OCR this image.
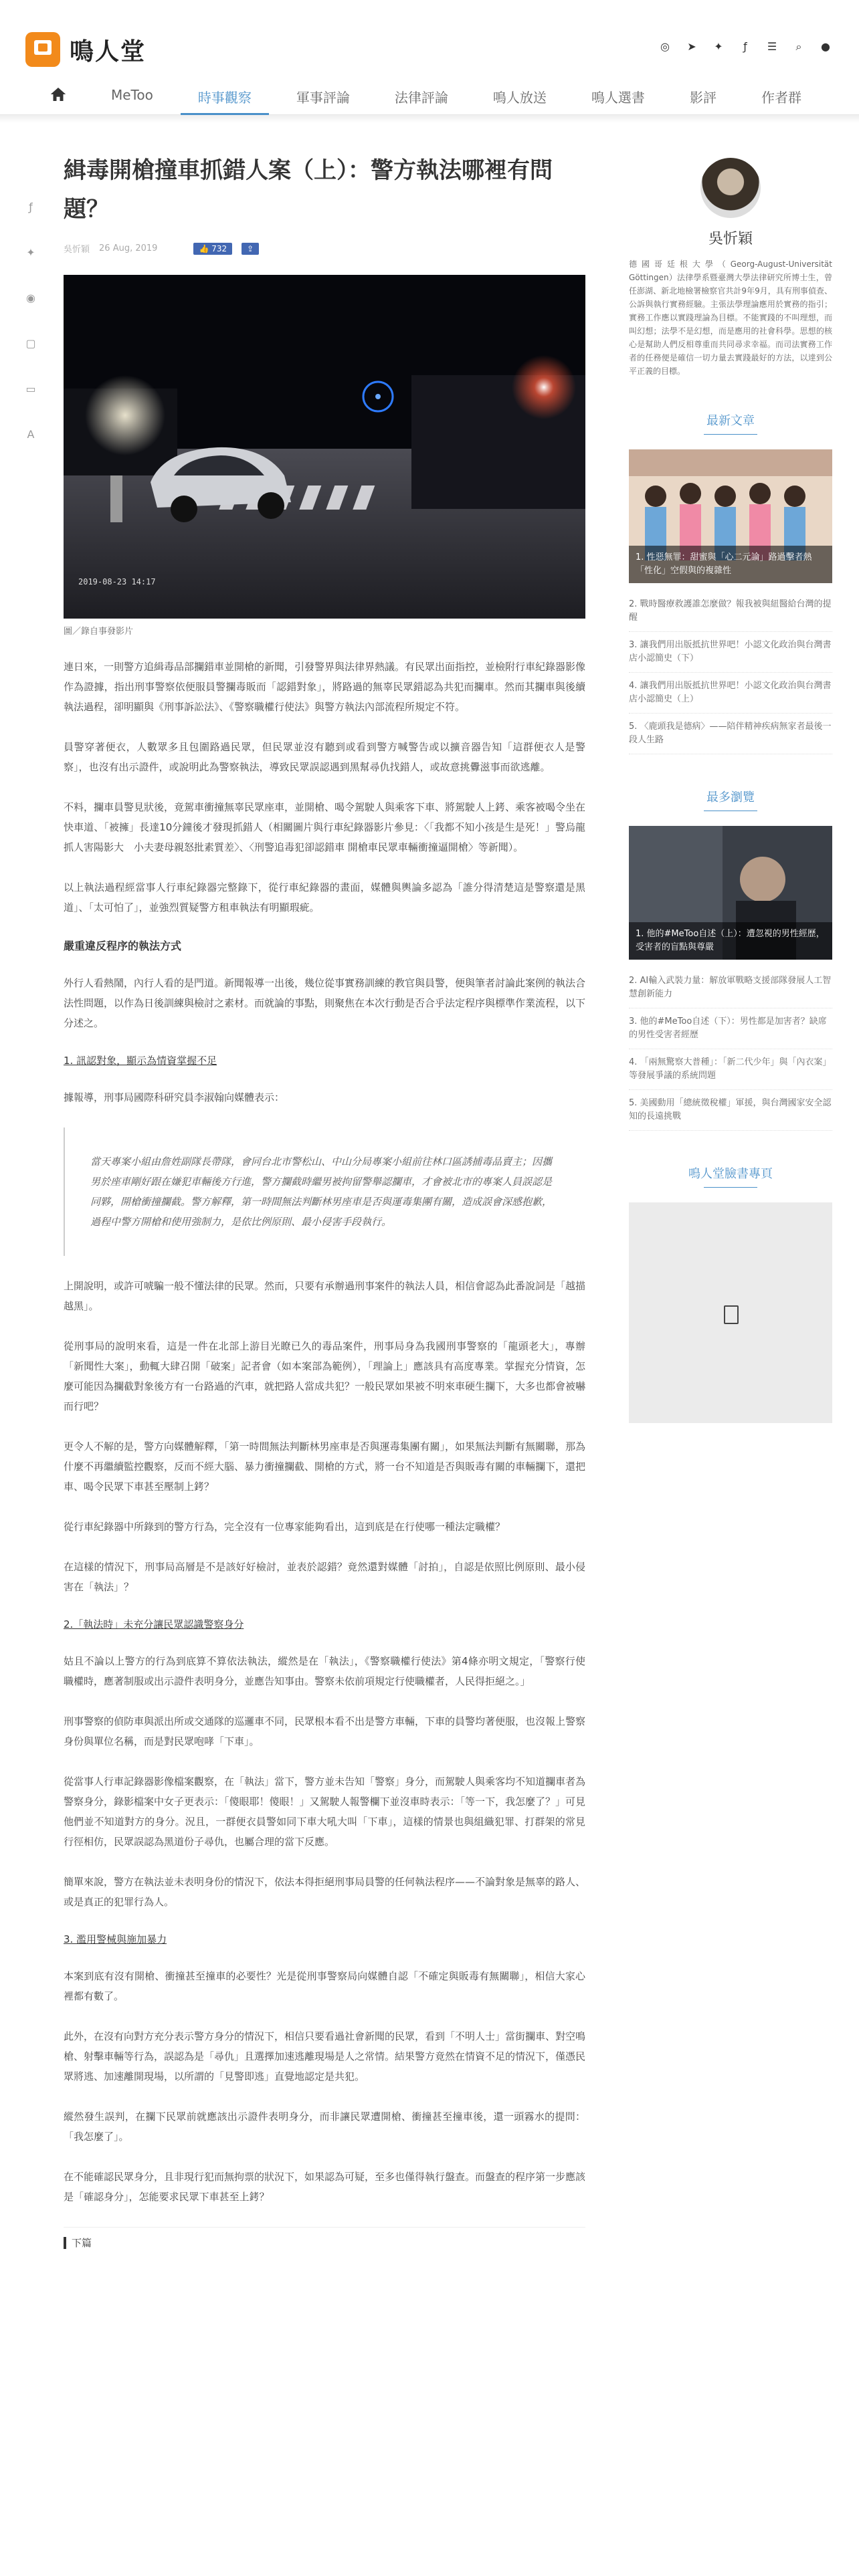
鳴人堂	◎ ➤ ✦	ƒ	☰	⌕	●
MeToo	時事觀察	軍事評論	法律評論	鳴人放送	鳴人選書	影評	作者群
ƒ
✦
◉
▢
▭
A
緝毒開槍撞車抓錯人案（上）：警方執法哪裡有問題？
吳忻穎 26 Aug, 2019	👍 732	⇪
2019-08-23 14:17
圖／錄自事發影片

連日來，一則警方追緝毒品部攔錯車並開槍的新聞，引發警界與法律界熱議。有民眾出面指控，並檢附行車紀錄器影像作為證據，指出刑事警察依便服員警攔毒販而「認錯對象」，將路過的無辜民眾錯認為共犯而攔車。然而其攔車與後續執法過程，卻明顯與《刑事訴訟法》、《警察職權行使法》與警方執法內部流程所規定不符。

員警穿著便衣，人數眾多且包圍路過民眾，但民眾並沒有聽到或看到警方喊警告或以擴音器告知「這群便衣人是警察」，也沒有出示證件，或說明此為警察執法，導致民眾誤認遇到黑幫尋仇找錯人，或故意挑釁滋事而欲逃離。

不料，攔車員警見狀後，竟駕車衝撞無辜民眾座車，並開槍、喝令駕駛人與乘客下車、將駕駛人上銬、乘客被喝令坐在快車道、「被擁」長達10分鐘後才發現抓錯人（相關圖片與行車紀錄器影片參見：〈「我都不知小孩是生是死！」警烏龍抓人害陽影大　小夫妻母親怒批素質差〉、〈刑警追毒犯卻認錯車 開槍車民眾車輛衝撞逼開槍〉等新聞）。

以上執法過程經當事人行車紀錄器完整錄下，從行車紀錄器的畫面，媒體與輿論多認為「誰分得清楚這是警察還是黑道」、「太可怕了」，並強烈質疑警方租車執法有明顯瑕疵。

嚴重違反程序的執法方式

外行人看熱鬧，內行人看的是門道。新聞報導一出後，幾位從事實務訓練的教官與員警，便與筆者討論此案例的執法合法性問題，以作為日後訓練與檢討之素材。而就論的事點，則聚焦在本次行動是否合乎法定程序與標準作業流程，以下分述之。

1. 訊認對象，顯示為情資掌握不足

據報導，刑事局國際科研究員李淑翰向媒體表示：

當天專案小組由詹姓副隊長帶隊，會同台北市警松山、中山分局專案小組前往林口區誘捕毒品賣主；因攜男於座車剛好跟在嫌犯車輛後方行進，警方攔截時繼男被拘留警舉認攔車，才會被北市的專案人員誤認是同夥，開槍衝撞攔截。警方解釋，第一時間無法判斷林男座車是否與運毒集團有關，造成誤會深感抱歉，過程中警方開槍和使用強制力，是依比例原則、最小侵害手段執行。

上開說明，或許可唬騙一般不懂法律的民眾。然而，只要有承辦過刑事案件的執法人員，相信會認為此番說詞是「越描越黑」。

從刑事局的說明來看，這是一件在北部上游目光瞭已久的毒品案件，刑事局身為我國刑事警察的「龍頭老大」，專辦「新聞性大案」，動輒大肆召開「破案」記者會（如本案部為範例），「理論上」應該具有高度專業。掌握充分情資，怎麼可能因為攔截對象後方有一台路過的汽車，就把路人當成共犯？一般民眾如果被不明來車硬生攔下，大多也都會被嚇而行吧？

更令人不解的是，警方向媒體解釋，「第一時間無法判斷林男座車是否與運毒集團有關」，如果無法判斷有無關聯，那為什麼不再繼續監控觀察，反而不經大腦、暴力衝撞攔截、開槍的方式，將一台不知道是否與販毒有關的車輛攔下，還把車、喝令民眾下車甚至壓制上銬？

從行車紀錄器中所錄到的警方行為，完全沒有一位專家能夠看出，這到底是在行使哪一種法定職權？

在這樣的情況下，刑事局高層是不是該好好檢討，並表於認錯？竟然還對媒體「討拍」，自認是依照比例原則、最小侵害在「執法」？

2.「執法時」未充分讓民眾認識警察身分

姑且不論以上警方的行為到底算不算依法執法，縱然是在「執法」，《警察職權行使法》第4條亦明文規定，「警察行使職權時，應著制服或出示證件表明身分，並應告知事由。警察未依前項規定行使職權者，人民得拒絕之。」

刑事警察的偵防車與派出所或交通隊的巡邏車不同，民眾根本看不出是警方車輛，下車的員警均著便服，也沒報上警察身份與單位名稱，而是對民眾咆哮「下車」。

從當事人行車記錄器影像檔案觀察，在「執法」當下，警方並未告知「警察」身分，而駕駛人與乘客均不知道攔車者為警察身分，錄影檔案中女子更表示：「傻眼耶！傻眼！」又駕駛人報警欄下並沒車時表示：「等一下，我怎麼了？」可見他們並不知道對方的身分。況且，一群便衣員警如同下車大吼大叫「下車」，這樣的情景也與組織犯罪、打群架的常見行徑相仿，民眾誤認為黑道份子尋仇，也屬合理的當下反應。

簡單來說，警方在執法並未表明身份的情況下，依法本得拒絕刑事局員警的任何執法程序——不論對象是無辜的路人、或是真正的犯罪行為人。

3. 濫用警械與施加暴力

本案到底有沒有開槍、衝撞甚至撞車的必要性？光是從刑事警察局向媒體自認「不確定與販毒有無關聯」，相信大家心裡都有數了。

此外，在沒有向對方充分表示警方身分的情況下，相信只要看過社會新聞的民眾，看到「不明人士」當街攔車、對空鳴槍、射擊車輛等行為，誤認為是「尋仇」且選擇加速逃離現場是人之常情。結果警方竟然在情資不足的情況下，僅憑民眾將逃、加速離開現場，以所謂的「見警即逃」直覺地認定是共犯。

縱然發生誤判，在攔下民眾前就應該出示證件表明身分，而非讓民眾遭開槍、衝撞甚至撞車後，還一頭霧水的提問：「我怎麼了」。

在不能確認民眾身分，且非現行犯而無拘票的狀況下，如果認為可疑，至多也僅得執行盤查。而盤查的程序第一步應該是「確認身分」，怎能要求民眾下車甚至上銬？

下篇
吳忻穎

德國哥廷根大學（Georg-August-Universität Göttingen）法律學系暨臺灣大學法律研究所博士生，曾任澎湖、新北地檢署檢察官共計9年9月，具有刑事偵查、公訴與執行實務經驗。主張法學理論應用於實務的指引；實務工作應以實踐理論為目標。不能實踐的不叫理想，而叫幻想；法學不是幻想，而是應用的社會科學。思想的核心是幫助人們反相尊重而共同尋求幸福。而司法實務工作者的任務便是確信一切力量去實踐最好的方法，以達到公平正義的目標。

最新文章
1. 性惡無罪：甜蜜與「心二元論」路過擊者熱「性化」空假與的複雜性
2. 戰時醫療救護誰怎麼做？報我被與紐醫給台灣的提醒
3. 讓我們用出版抵抗世界吧！小認文化政治與台灣書店小認簡史（下）
4. 讓我們用出版抵抗世界吧！小認文化政治與台灣書店小認簡史（上）
5. 〈鹿頭我是德病〉——陪伴精神疾病無家者最後一段人生路
最多瀏覽
1. 他的#MeToo自述（上）：遭忽視的男性經歷，受害者的盲點與尊嚴
2. AI輸入武裝力量：解放軍戰略支援部隊發展人工智慧創新能力
3. 他的#MeToo自述（下）：男性都是加害者？缺席的男性受害者經歷
4. 「兩無驚察大普種」：「新二代少年」與「內衣案」等發展爭議的系統問題
5. 美國動用「總統徵稅權」軍援，與台灣國家安全認知的長遠挑戰
鳴人堂臉書專頁
